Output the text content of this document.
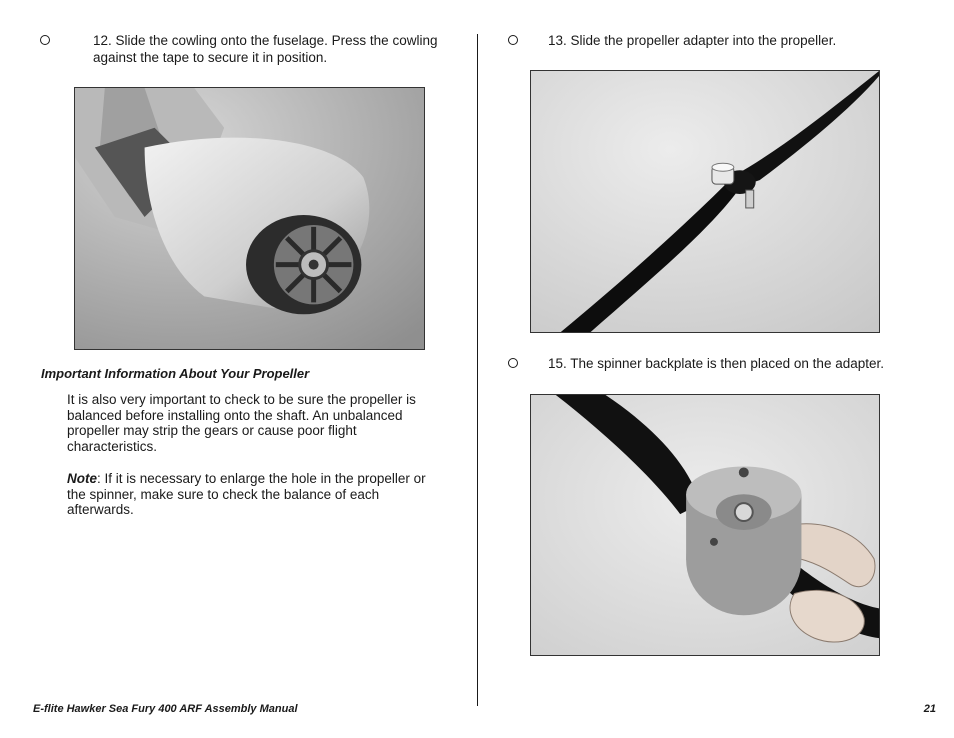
12. Slide the cowling onto the fuselage. Press the cowling against the tape to secure it in position.
Important Information About Your Propeller
It is also very important to check to be sure the propeller is balanced before installing onto the shaft. An unbalanced propeller may strip the gears or cause poor flight characteristics.
Note: If it is necessary to enlarge the hole in the propeller or the spinner, make sure to check the balance of each afterwards.
13. Slide the propeller adapter into the propeller.
15. The spinner backplate is then placed on the adapter.
E-flite Hawker Sea Fury 400 ARF Assembly Manual	21
